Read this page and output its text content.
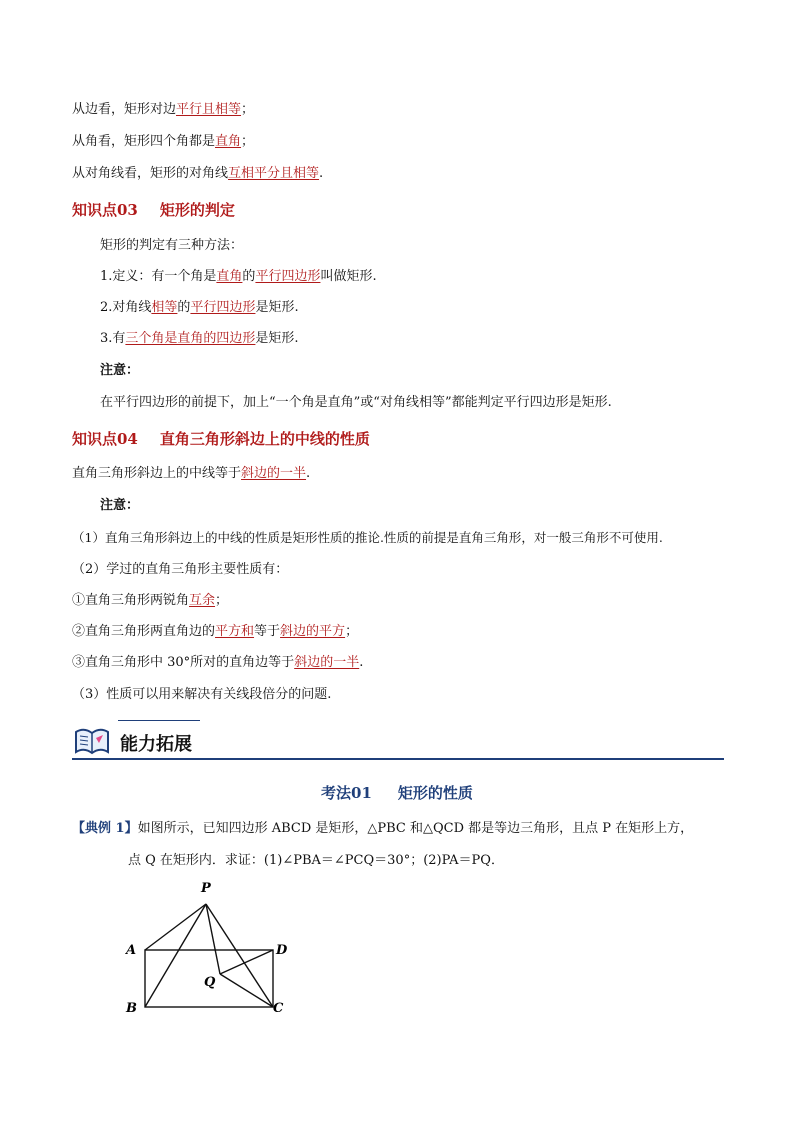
从边看，矩形对边平行且相等；
从角看，矩形四个角都是直角；
从对角线看，矩形的对角线互相平分且相等.
知识点03 矩形的判定
矩形的判定有三种方法：
1.定义：有一个角是直角的平行四边形叫做矩形.
2.对角线相等的平行四边形是矩形.
3.有三个角是直角的四边形是矩形.
注意：
在平行四边形的前提下，加上“一个角是直角”或“对角线相等”都能判定平行四边形是矩形.
知识点04 直角三角形斜边上的中线的性质
直角三角形斜边上的中线等于斜边的一半.
注意：
（1）直角三角形斜边上的中线的性质是矩形性质的推论.性质的前提是直角三角形，对一般三角形不可使用.
（2）学过的直角三角形主要性质有：
①直角三角形两锐角互余；
②直角三角形两直角边的平方和等于斜边的平方；
③直角三角形中 30°所对的直角边等于斜边的一半.
（3）性质可以用来解决有关线段倍分的问题.
能力拓展
考法01 矩形的性质
【典例 1】如图所示，已知四边形 ABCD 是矩形，△PBC 和△QCD 都是等边三角形，且点 P 在矩形上方，
点 Q 在矩形内．求证：(1)∠PBA＝∠PCQ＝30°；(2)PA＝PQ．
P
A	D
Q
B	C
